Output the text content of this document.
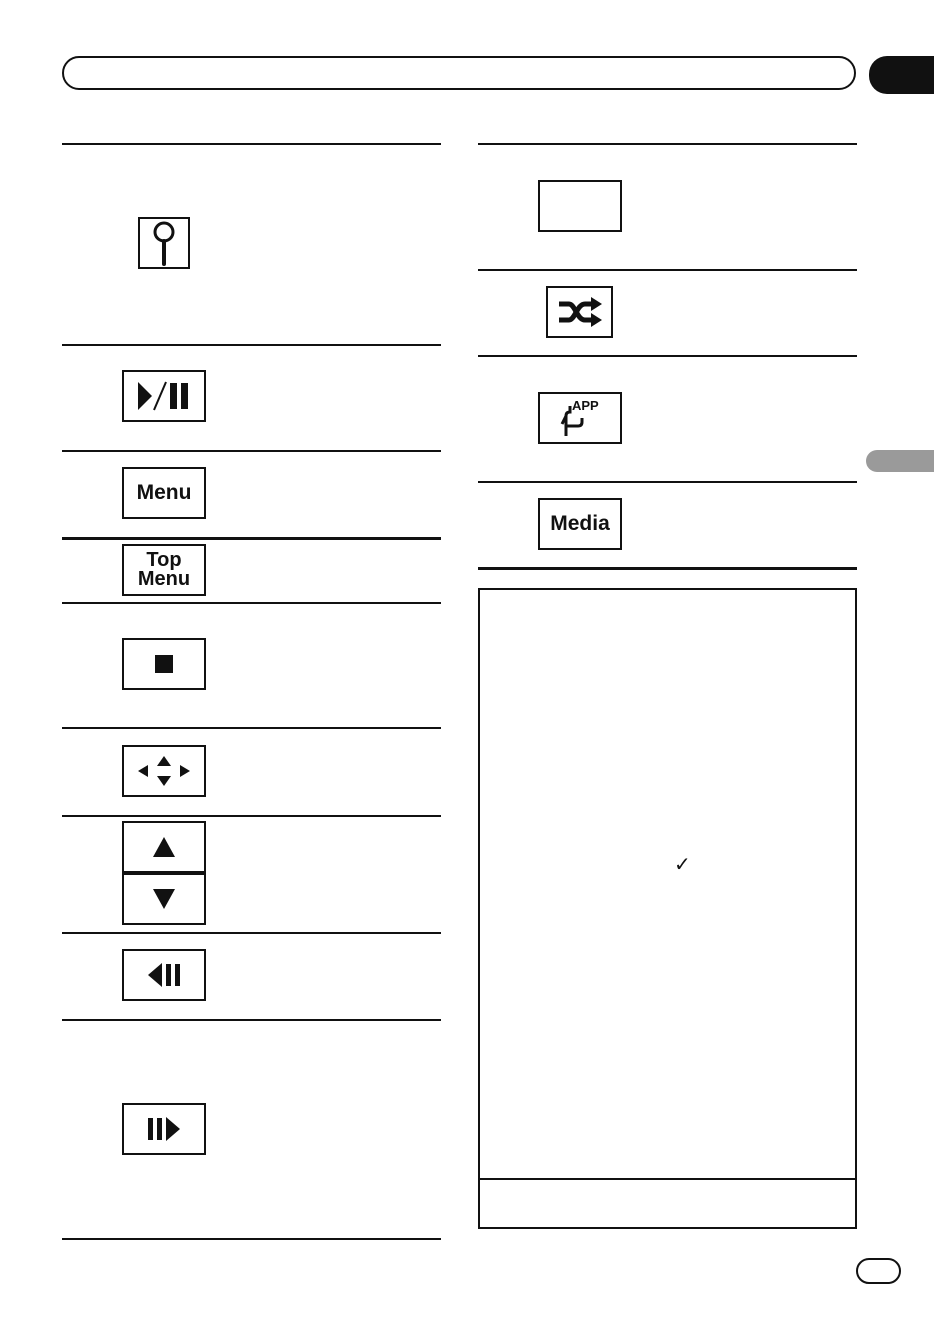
Menu
Top
Menu
APP
Media
✓
